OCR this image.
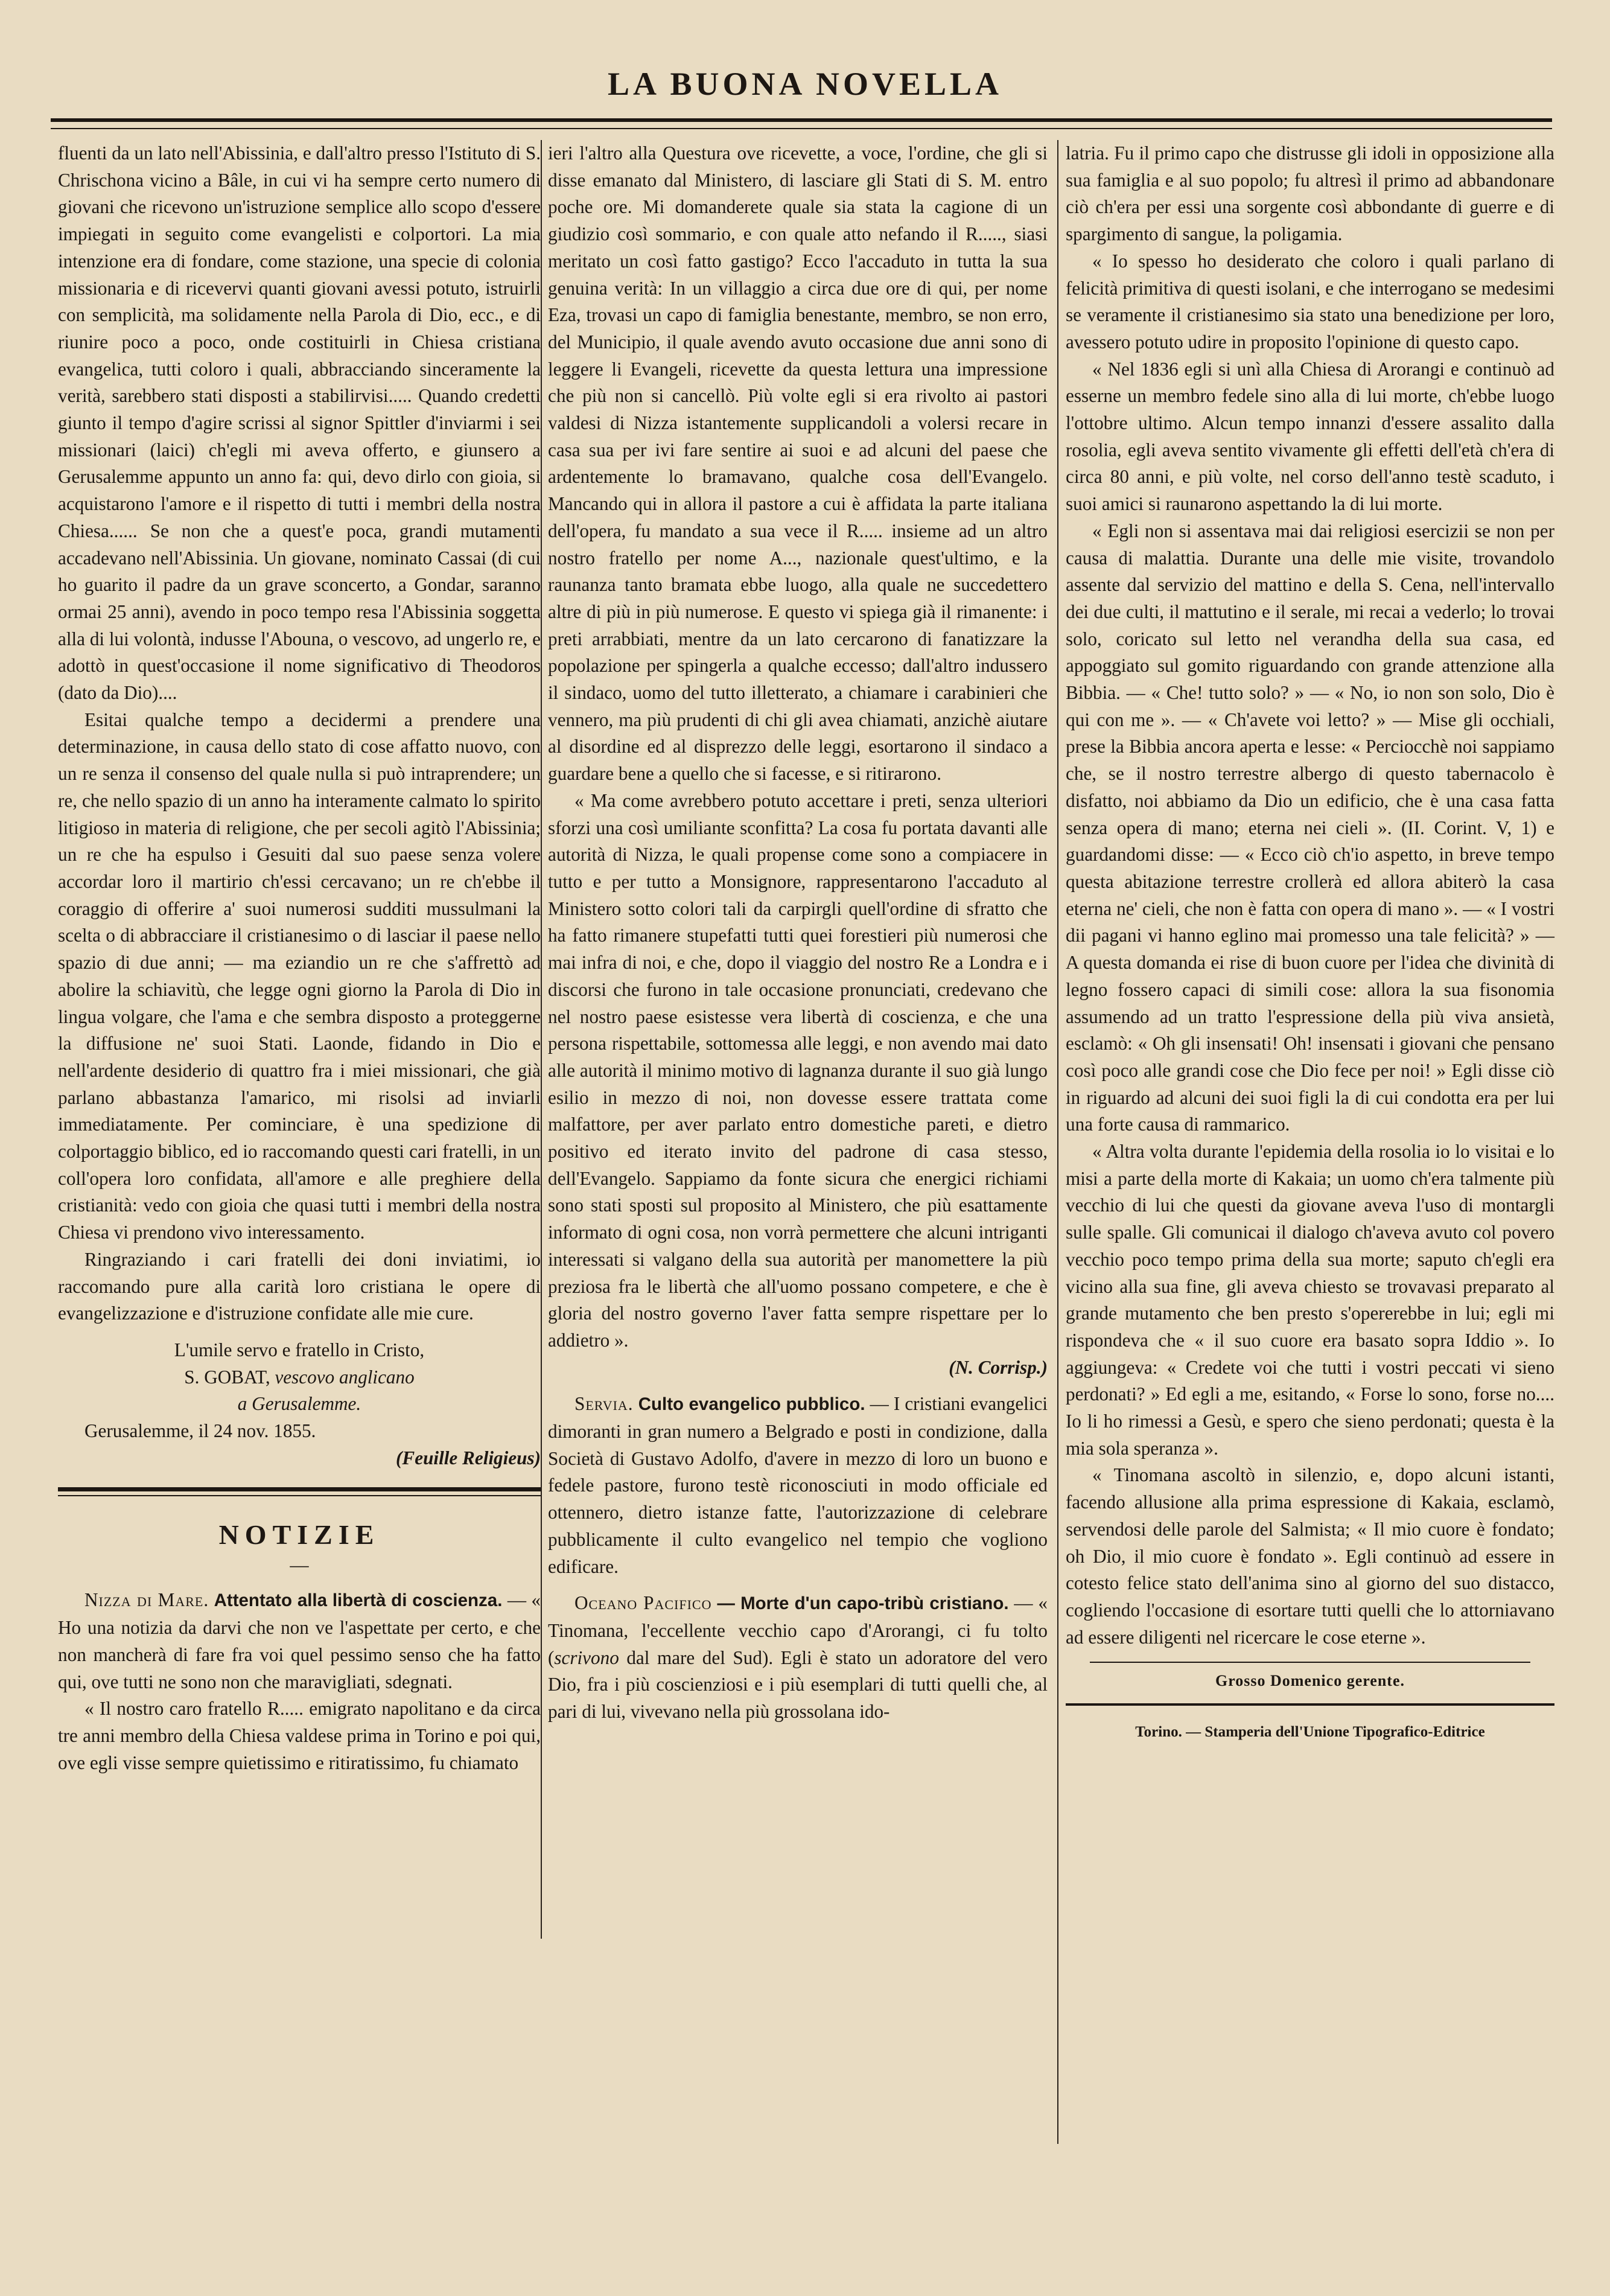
LA BUONA NOVELLA

fluenti da un lato nell'Abissinia, e dall'altro presso l'Istituto di S. Chrischona vicino a Bâle, in cui vi ha sempre certo numero di giovani che ricevono un'istruzione semplice allo scopo d'essere impiegati in seguito come evangelisti e colportori. La mia intenzione era di fondare, come stazione, una specie di colonia missionaria e di ricevervi quanti giovani avessi potuto, istruirli con semplicità, ma solidamente nella Parola di Dio, ecc., e di riunire poco a poco, onde costituirli in Chiesa cristiana evangelica, tutti coloro i quali, abbracciando sinceramente la verità, sarebbero stati disposti a stabilirvisi..... Quando credetti giunto il tempo d'agire scrissi al signor Spittler d'inviarmi i sei missionari (laici) ch'egli mi aveva offerto, e giunsero a Gerusalemme appunto un anno fa: qui, devo dirlo con gioia, si acquistarono l'amore e il rispetto di tutti i membri della nostra Chiesa...... Se non che a quest'e poca, grandi mutamenti accadevano nell'Abissinia. Un giovane, nominato Cassai (di cui ho guarito il padre da un grave sconcerto, a Gondar, saranno ormai 25 anni), avendo in poco tempo resa l'Abissinia soggetta alla di lui volontà, indusse l'Abouna, o vescovo, ad ungerlo re, e adottò in quest'occasione il nome significativo di Theodoros (dato da Dio)....

Esitai qualche tempo a decidermi a prendere una determinazione, in causa dello stato di cose affatto nuovo, con un re senza il consenso del quale nulla si può intraprendere; un re, che nello spazio di un anno ha interamente calmato lo spirito litigioso in materia di religione, che per secoli agitò l'Abissinia; un re che ha espulso i Gesuiti dal suo paese senza volere accordar loro il martirio ch'essi cercavano; un re ch'ebbe il coraggio di offerire a' suoi numerosi sudditi mussulmani la scelta o di abbracciare il cristianesimo o di lasciar il paese nello spazio di due anni; — ma eziandio un re che s'affrettò ad abolire la schiavitù, che legge ogni giorno la Parola di Dio in lingua volgare, che l'ama e che sembra disposto a proteggerne la diffusione ne' suoi Stati. Laonde, fidando in Dio e nell'ardente desiderio di quattro fra i miei missionari, che già parlano abbastanza l'amarico, mi risolsi ad inviarli immediatamente. Per cominciare, è una spedizione di colportaggio biblico, ed io raccomando questi cari fratelli, in un coll'opera loro confidata, all'amore e alle preghiere della cristianità: vedo con gioia che quasi tutti i membri della nostra Chiesa vi prendono vivo interessamento.

Ringraziando i cari fratelli dei doni inviatimi, io raccomando pure alla carità loro cristiana le opere di evangelizzazione e d'istruzione confidate alle mie cure.

L'umile servo e fratello in Cristo,

S. GOBAT, vescovo anglicano

a Gerusalemme.

Gerusalemme, il 24 nov. 1855.

(Feuille Religieus)

NOTIZIE

—

Nizza di Mare. Attentato alla libertà di coscienza. — « Ho una notizia da darvi che non ve l'aspettate per certo, e che non mancherà di fare fra voi quel pessimo senso che ha fatto qui, ove tutti ne sono non che maravigliati, sdegnati.

« Il nostro caro fratello R..... emigrato napolitano e da circa tre anni membro della Chiesa valdese prima in Torino e poi qui, ove egli visse sempre quietissimo e ritiratissimo, fu chiamato

ieri l'altro alla Questura ove ricevette, a voce, l'ordine, che gli si disse emanato dal Ministero, di lasciare gli Stati di S. M. entro poche ore. Mi domanderete quale sia stata la cagione di un giudizio così sommario, e con quale atto nefando il R....., siasi meritato un così fatto gastigo? Ecco l'accaduto in tutta la sua genuina verità: In un villaggio a circa due ore di qui, per nome Eza, trovasi un capo di famiglia benestante, membro, se non erro, del Municipio, il quale avendo avuto occasione due anni sono di leggere li Evangeli, ricevette da questa lettura una impressione che più non si cancellò. Più volte egli si era rivolto ai pastori valdesi di Nizza istantemente supplicandoli a volersi recare in casa sua per ivi fare sentire ai suoi e ad alcuni del paese che ardentemente lo bramavano, qualche cosa dell'Evangelo. Mancando qui in allora il pastore a cui è affidata la parte italiana dell'opera, fu mandato a sua vece il R..... insieme ad un altro nostro fratello per nome A..., nazionale quest'ultimo, e la raunanza tanto bramata ebbe luogo, alla quale ne succedettero altre di più in più numerose. E questo vi spiega già il rimanente: i preti arrabbiati, mentre da un lato cercarono di fanatizzare la popolazione per spingerla a qualche eccesso; dall'altro indussero il sindaco, uomo del tutto illetterato, a chiamare i carabinieri che vennero, ma più prudenti di chi gli avea chiamati, anzichè aiutare al disordine ed al disprezzo delle leggi, esortarono il sindaco a guardare bene a quello che si facesse, e si ritirarono.

« Ma come avrebbero potuto accettare i preti, senza ulteriori sforzi una così umiliante sconfitta? La cosa fu portata davanti alle autorità di Nizza, le quali propense come sono a compiacere in tutto e per tutto a Monsignore, rappresentarono l'accaduto al Ministero sotto colori tali da carpirgli quell'ordine di sfratto che ha fatto rimanere stupefatti tutti quei forestieri più numerosi che mai infra di noi, e che, dopo il viaggio del nostro Re a Londra e i discorsi che furono in tale occasione pronunciati, credevano che nel nostro paese esistesse vera libertà di coscienza, e che una persona rispettabile, sottomessa alle leggi, e non avendo mai dato alle autorità il minimo motivo di lagnanza durante il suo già lungo esilio in mezzo di noi, non dovesse essere trattata come malfattore, per aver parlato entro domestiche pareti, e dietro positivo ed iterato invito del padrone di casa stesso, dell'Evangelo. Sappiamo da fonte sicura che energici richiami sono stati sposti sul proposito al Ministero, che più esattamente informato di ogni cosa, non vorrà permettere che alcuni intriganti interessati si valgano della sua autorità per manomettere la più preziosa fra le libertà che all'uomo possano competere, e che è gloria del nostro governo l'aver fatta sempre rispettare per lo addietro ».

(N. Corrisp.)

Servia. Culto evangelico pubblico. — I cristiani evangelici dimoranti in gran numero a Belgrado e posti in condizione, dalla Società di Gustavo Adolfo, d'avere in mezzo di loro un buono e fedele pastore, furono testè riconosciuti in modo officiale ed ottennero, dietro istanze fatte, l'autorizzazione di celebrare pubblicamente il culto evangelico nel tempio che vogliono edificare.

Oceano Pacifico — Morte d'un capo-tribù cristiano. — « Tinomana, l'eccellente vecchio capo d'Arorangi, ci fu tolto (scrivono dal mare del Sud). Egli è stato un adoratore del vero Dio, fra i più coscienziosi e i più esemplari di tutti quelli che, al pari di lui, vivevano nella più grossolana ido-

latria. Fu il primo capo che distrusse gli idoli in opposizione alla sua famiglia e al suo popolo; fu altresì il primo ad abbandonare ciò ch'era per essi una sorgente così abbondante di guerre e di spargimento di sangue, la poligamia.

« Io spesso ho desiderato che coloro i quali parlano di felicità primitiva di questi isolani, e che interrogano se medesimi se veramente il cristianesimo sia stato una benedizione per loro, avessero potuto udire in proposito l'opinione di questo capo.

« Nel 1836 egli si unì alla Chiesa di Arorangi e continuò ad esserne un membro fedele sino alla di lui morte, ch'ebbe luogo l'ottobre ultimo. Alcun tempo innanzi d'essere assalito dalla rosolia, egli aveva sentito vivamente gli effetti dell'età ch'era di circa 80 anni, e più volte, nel corso dell'anno testè scaduto, i suoi amici si raunarono aspettando la di lui morte.

« Egli non si assentava mai dai religiosi esercizii se non per causa di malattia. Durante una delle mie visite, trovandolo assente dal servizio del mattino e della S. Cena, nell'intervallo dei due culti, il mattutino e il serale, mi recai a vederlo; lo trovai solo, coricato sul letto nel verandha della sua casa, ed appoggiato sul gomito riguardando con grande attenzione alla Bibbia. — « Che! tutto solo? » — « No, io non son solo, Dio è qui con me ». — « Ch'avete voi letto? » — Mise gli occhiali, prese la Bibbia ancora aperta e lesse: « Perciocchè noi sappiamo che, se il nostro terrestre albergo di questo tabernacolo è disfatto, noi abbiamo da Dio un edificio, che è una casa fatta senza opera di mano; eterna nei cieli ». (II. Corint. V, 1) e guardandomi disse: — « Ecco ciò ch'io aspetto, in breve tempo questa abitazione terrestre crollerà ed allora abiterò la casa eterna ne' cieli, che non è fatta con opera di mano ». — « I vostri dii pagani vi hanno eglino mai promesso una tale felicità? » — A questa domanda ei rise di buon cuore per l'idea che divinità di legno fossero capaci di simili cose: allora la sua fisonomia assumendo ad un tratto l'espressione della più viva ansietà, esclamò: « Oh gli insensati! Oh! insensati i giovani che pensano così poco alle grandi cose che Dio fece per noi! » Egli disse ciò in riguardo ad alcuni dei suoi figli la di cui condotta era per lui una forte causa di rammarico.

« Altra volta durante l'epidemia della rosolia io lo visitai e lo misi a parte della morte di Kakaia; un uomo ch'era talmente più vecchio di lui che questi da giovane aveva l'uso di montargli sulle spalle. Gli comunicai il dialogo ch'aveva avuto col povero vecchio poco tempo prima della sua morte; saputo ch'egli era vicino alla sua fine, gli aveva chiesto se trovavasi preparato al grande mutamento che ben presto s'opererebbe in lui; egli mi rispondeva che « il suo cuore era basato sopra Iddio ». Io aggiungeva: « Credete voi che tutti i vostri peccati vi sieno perdonati? » Ed egli a me, esitando, « Forse lo sono, forse no.... Io li ho rimessi a Gesù, e spero che sieno perdonati; questa è la mia sola speranza ».

« Tinomana ascoltò in silenzio, e, dopo alcuni istanti, facendo allusione alla prima espressione di Kakaia, esclamò, servendosi delle parole del Salmista; « Il mio cuore è fondato; oh Dio, il mio cuore è fondato ». Egli continuò ad essere in cotesto felice stato dell'anima sino al giorno del suo distacco, cogliendo l'occasione di esortare tutti quelli che lo attorniavano ad essere diligenti nel ricercare le cose eterne ».

Grosso Domenico gerente.

Torino. — Stamperia dell'Unione Tipografico-Editrice
